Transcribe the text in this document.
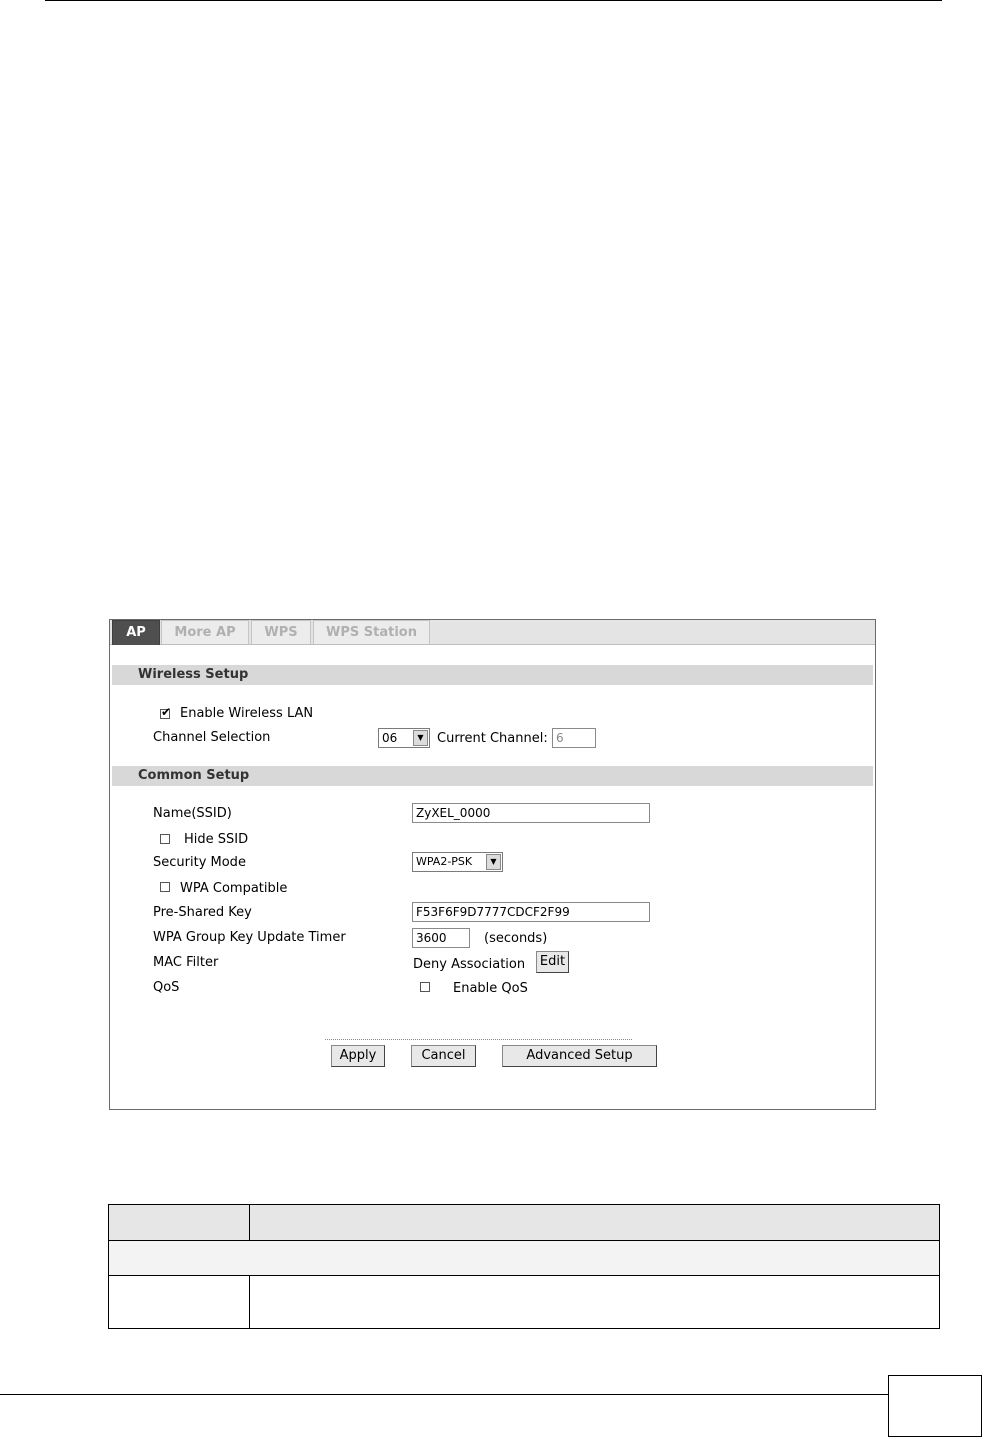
AP	More AP	WPS	WPS Station
Wireless Setup
✔ Enable Wireless LAN
Channel Selection	06	▼	Current Channel: 6
Common Setup
Name(SSID)	ZyXEL_0000
Hide SSID
Security Mode	WPA2-PSK	▼
WPA Compatible
Pre-Shared Key	F53F6F9D7777CDCF2F99
WPA Group Key Update Timer	3600	(seconds)
MAC Filter	Deny Association	Edit
QoS	Enable QoS
Apply	Cancel	Advanced Setup
